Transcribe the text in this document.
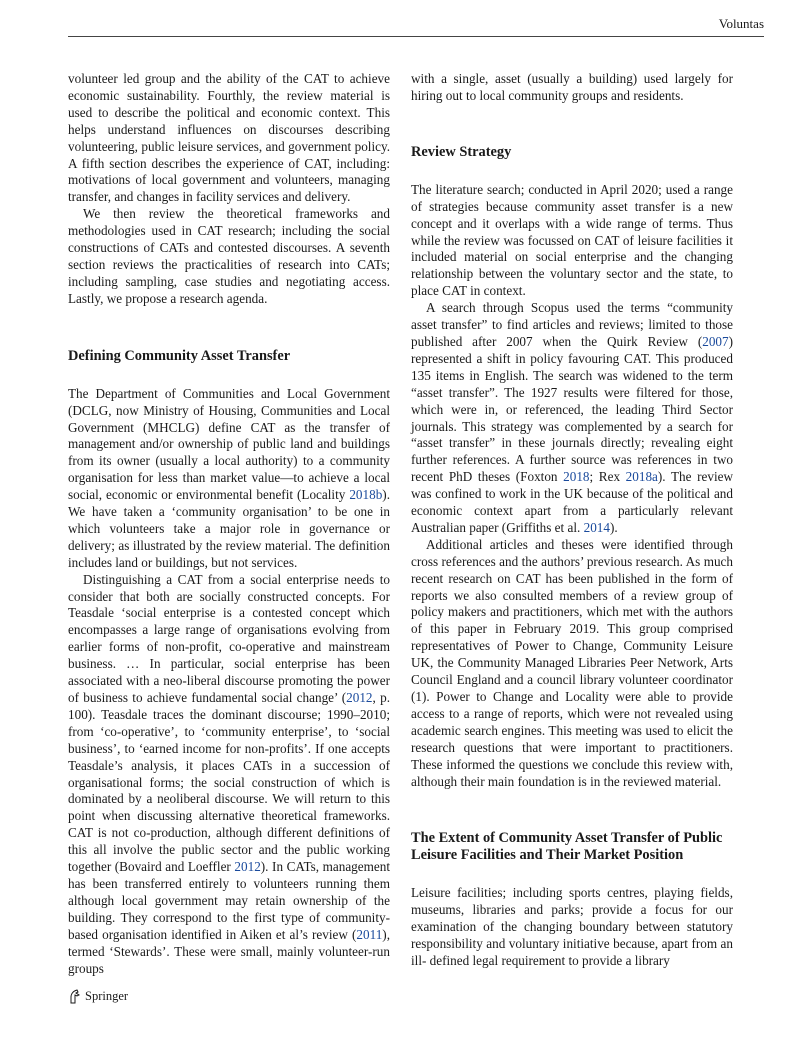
Voluntas

volunteer led group and the ability of the CAT to achieve economic sustainability. Fourthly, the review material is used to describe the political and economic context. This helps understand influences on discourses describing volunteering, public leisure services, and government policy. A fifth section describes the experience of CAT, including: motivations of local government and volunteers, managing transfer, and changes in facility services and delivery.

We then review the theoretical frameworks and methodologies used in CAT research; including the social constructions of CATs and contested discourses. A seventh section reviews the practicalities of research into CATs; including sampling, case studies and negotiating access. Lastly, we propose a research agenda.

Defining Community Asset Transfer

The Department of Communities and Local Government (DCLG, now Ministry of Housing, Communities and Local Government (MHCLG) define CAT as the transfer of management and/or ownership of public land and buildings from its owner (usually a local authority) to a community organisation for less than market value—to achieve a local social, economic or environmental benefit (Locality 2018b). We have taken a ‘community organisation’ to be one in which volunteers take a major role in governance or delivery; as illustrated by the review material. The definition includes land or buildings, but not services.

Distinguishing a CAT from a social enterprise needs to consider that both are socially constructed concepts. For Teasdale ‘social enterprise is a contested concept which encompasses a large range of organisations evolving from earlier forms of non-profit, co-operative and mainstream business. … In particular, social enterprise has been associated with a neo-liberal discourse promoting the power of business to achieve fundamental social change’ (2012, p. 100). Teasdale traces the dominant discourse; 1990–2010; from ‘co-operative’, to ‘community enterprise’, to ‘social business’, to ‘earned income for non-profits’. If one accepts Teasdale’s analysis, it places CATs in a succession of organisational forms; the social construction of which is dominated by a neoliberal discourse. We will return to this point when discussing alternative theoretical frameworks. CAT is not co-production, although different definitions of this all involve the public sector and the public working together (Bovaird and Loeffler 2012). In CATs, management has been transferred entirely to volunteers running them although local government may retain ownership of the building. They correspond to the first type of community-based organisation identified in Aiken et al’s review (2011), termed ‘Stewards’. These were small, mainly volunteer-run groups

with a single, asset (usually a building) used largely for hiring out to local community groups and residents.

Review Strategy

The literature search; conducted in April 2020; used a range of strategies because community asset transfer is a new concept and it overlaps with a wide range of terms. Thus while the review was focussed on CAT of leisure facilities it included material on social enterprise and the changing relationship between the voluntary sector and the state, to place CAT in context.

A search through Scopus used the terms “community asset transfer” to find articles and reviews; limited to those published after 2007 when the Quirk Review (2007) represented a shift in policy favouring CAT. This produced 135 items in English. The search was widened to the term “asset transfer”. The 1927 results were filtered for those, which were in, or referenced, the leading Third Sector journals. This strategy was complemented by a search for “asset transfer” in these journals directly; revealing eight further references. A further source was references in two recent PhD theses (Foxton 2018; Rex 2018a). The review was confined to work in the UK because of the political and economic context apart from a particularly relevant Australian paper (Griffiths et al. 2014).

Additional articles and theses were identified through cross references and the authors’ previous research. As much recent research on CAT has been published in the form of reports we also consulted members of a review group of policy makers and practitioners, which met with the authors of this paper in February 2019. This group comprised representatives of Power to Change, Community Leisure UK, the Community Managed Libraries Peer Network, Arts Council England and a council library volunteer coordinator (1). Power to Change and Locality were able to provide access to a range of reports, which were not revealed using academic search engines. This meeting was used to elicit the research questions that were important to practitioners. These informed the questions we conclude this review with, although their main foundation is in the reviewed material.

The Extent of Community Asset Transfer of Public Leisure Facilities and Their Market Position

Leisure facilities; including sports centres, playing fields, museums, libraries and parks; provide a focus for our examination of the changing boundary between statutory responsibility and voluntary initiative because, apart from an ill- defined legal requirement to provide a library

Springer
